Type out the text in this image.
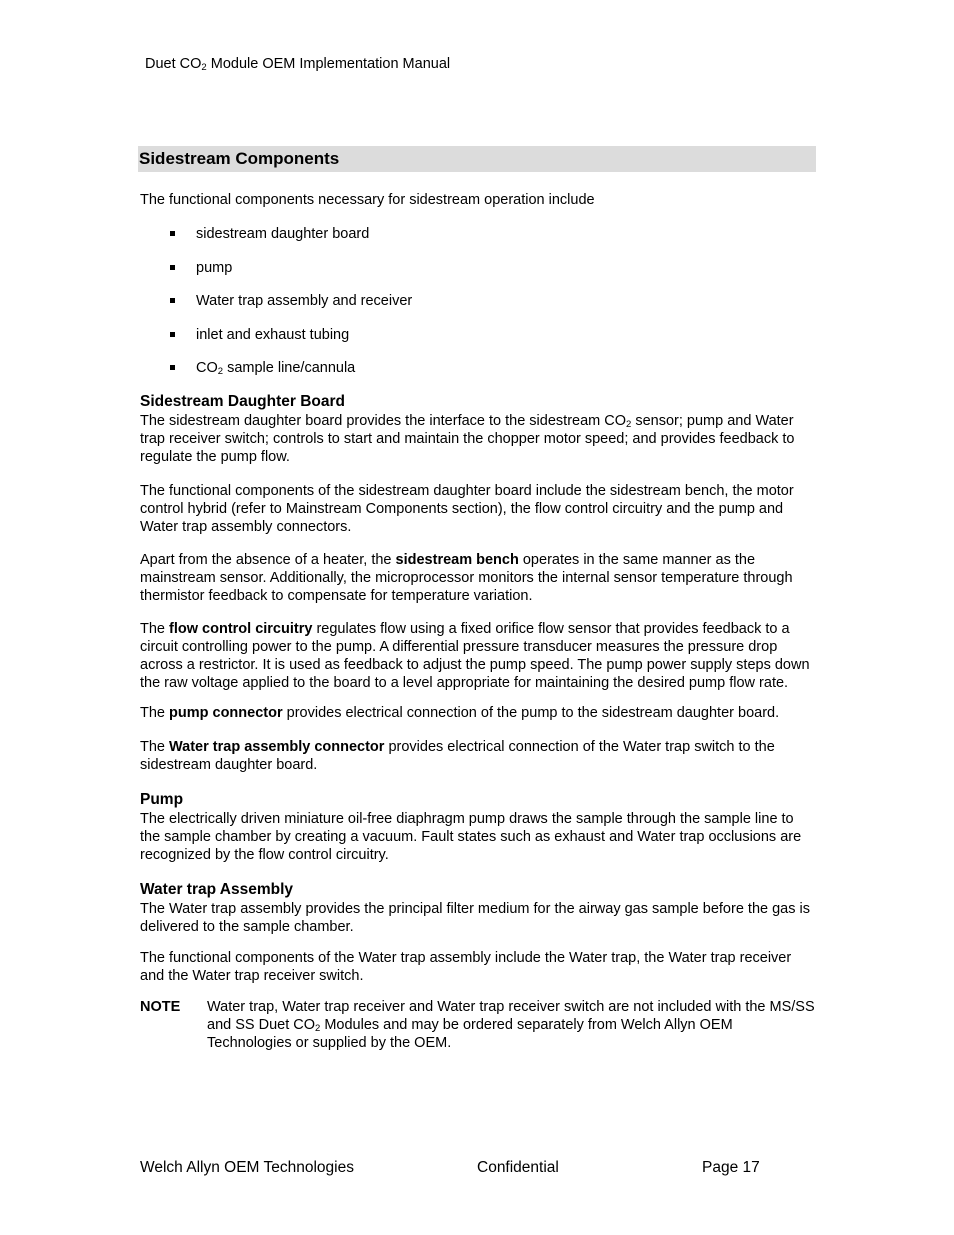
Duet $CO_2$ Module OEM Implementation Manual
Sidestream Components

The functional components necessary for sidestream operation include

sidestream daughter board
pump
Water trap assembly and receiver
inlet and exhaust tubing
$CO_2$ sample line/cannula
Sidestream Daughter Board

The sidestream daughter board provides the interface to the sidestream $CO_2$ sensor; pump and Water trap receiver switch; controls to start and maintain the chopper motor speed; and provides feedback to regulate the pump flow.

The functional components of the sidestream daughter board include the sidestream bench, the motor control hybrid (refer to Mainstream Components section), the flow control circuitry and the pump and Water trap assembly connectors.

Apart from the absence of a heater, the sidestream bench operates in the same manner as the mainstream sensor. Additionally, the microprocessor monitors the internal sensor temperature through thermistor feedback to compensate for temperature variation.

The flow control circuitry regulates flow using a fixed orifice flow sensor that provides feedback to a circuit controlling power to the pump. A differential pressure transducer measures the pressure drop across a restrictor. It is used as feedback to adjust the pump speed. The pump power supply steps down the raw voltage applied to the board to a level appropriate for maintaining the desired pump flow rate.

The pump connector provides electrical connection of the pump to the sidestream daughter board.

The Water trap assembly connector provides electrical connection of the Water trap switch to the sidestream daughter board.

Pump

The electrically driven miniature oil-free diaphragm pump draws the sample through the sample line to the sample chamber by creating a vacuum. Fault states such as exhaust and Water trap occlusions are recognized by the flow control circuitry.

Water trap Assembly

The Water trap assembly provides the principal filter medium for the airway gas sample before the gas is delivered to the sample chamber.

The functional components of the Water trap assembly include the Water trap, the Water trap receiver and the Water trap receiver switch.

NOTE	Water trap, Water trap receiver and Water trap receiver switch are not included with the MS/SS and SS Duet $CO_2$ Modules and may be ordered separately from Welch Allyn OEM Technologies or supplied by the OEM.
Welch Allyn OEM Technologies	Confidential	Page 17
